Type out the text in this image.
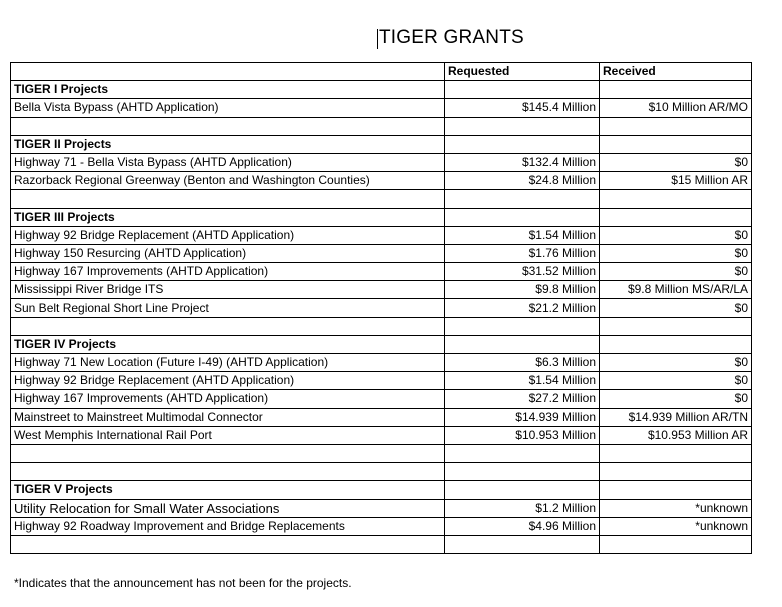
TIGER GRANTS
	Requested	Received
TIGER I Projects		
Bella Vista Bypass (AHTD Application)	$145.4 Million	$10 Million AR/MO

TIGER II Projects		
Highway 71 - Bella Vista Bypass (AHTD Application)	$132.4 Million	$0
Razorback Regional Greenway (Benton and Washington Counties)	$24.8 Million	$15 Million AR

TIGER III Projects		
Highway 92 Bridge Replacement (AHTD Application)	$1.54 Million	$0
Highway 150 Resurcing (AHTD Application)	$1.76 Million	$0
Highway 167 Improvements (AHTD Application)	$31.52 Million	$0
Mississippi River Bridge ITS	$9.8 Million	$9.8 Million MS/AR/LA
Sun Belt Regional Short Line Project	$21.2 Million	$0

TIGER IV Projects		
Highway 71 New Location (Future I-49) (AHTD Application)	$6.3 Million	$0
Highway 92 Bridge Replacement (AHTD Application)	$1.54 Million	$0
Highway 167 Improvements (AHTD Application)	$27.2 Million	$0
Mainstreet to Mainstreet Multimodal Connector	$14.939 Million	$14.939 Million AR/TN
West Memphis International Rail Port	$10.953 Million	$10.953 Million AR

TIGER V Projects		
Utility Relocation for Small Water Associations	$1.2 Million	*unknown
Highway 92 Roadway Improvement and Bridge Replacements	$4.96 Million	*unknown

*Indicates that the announcement has not been for the projects.
